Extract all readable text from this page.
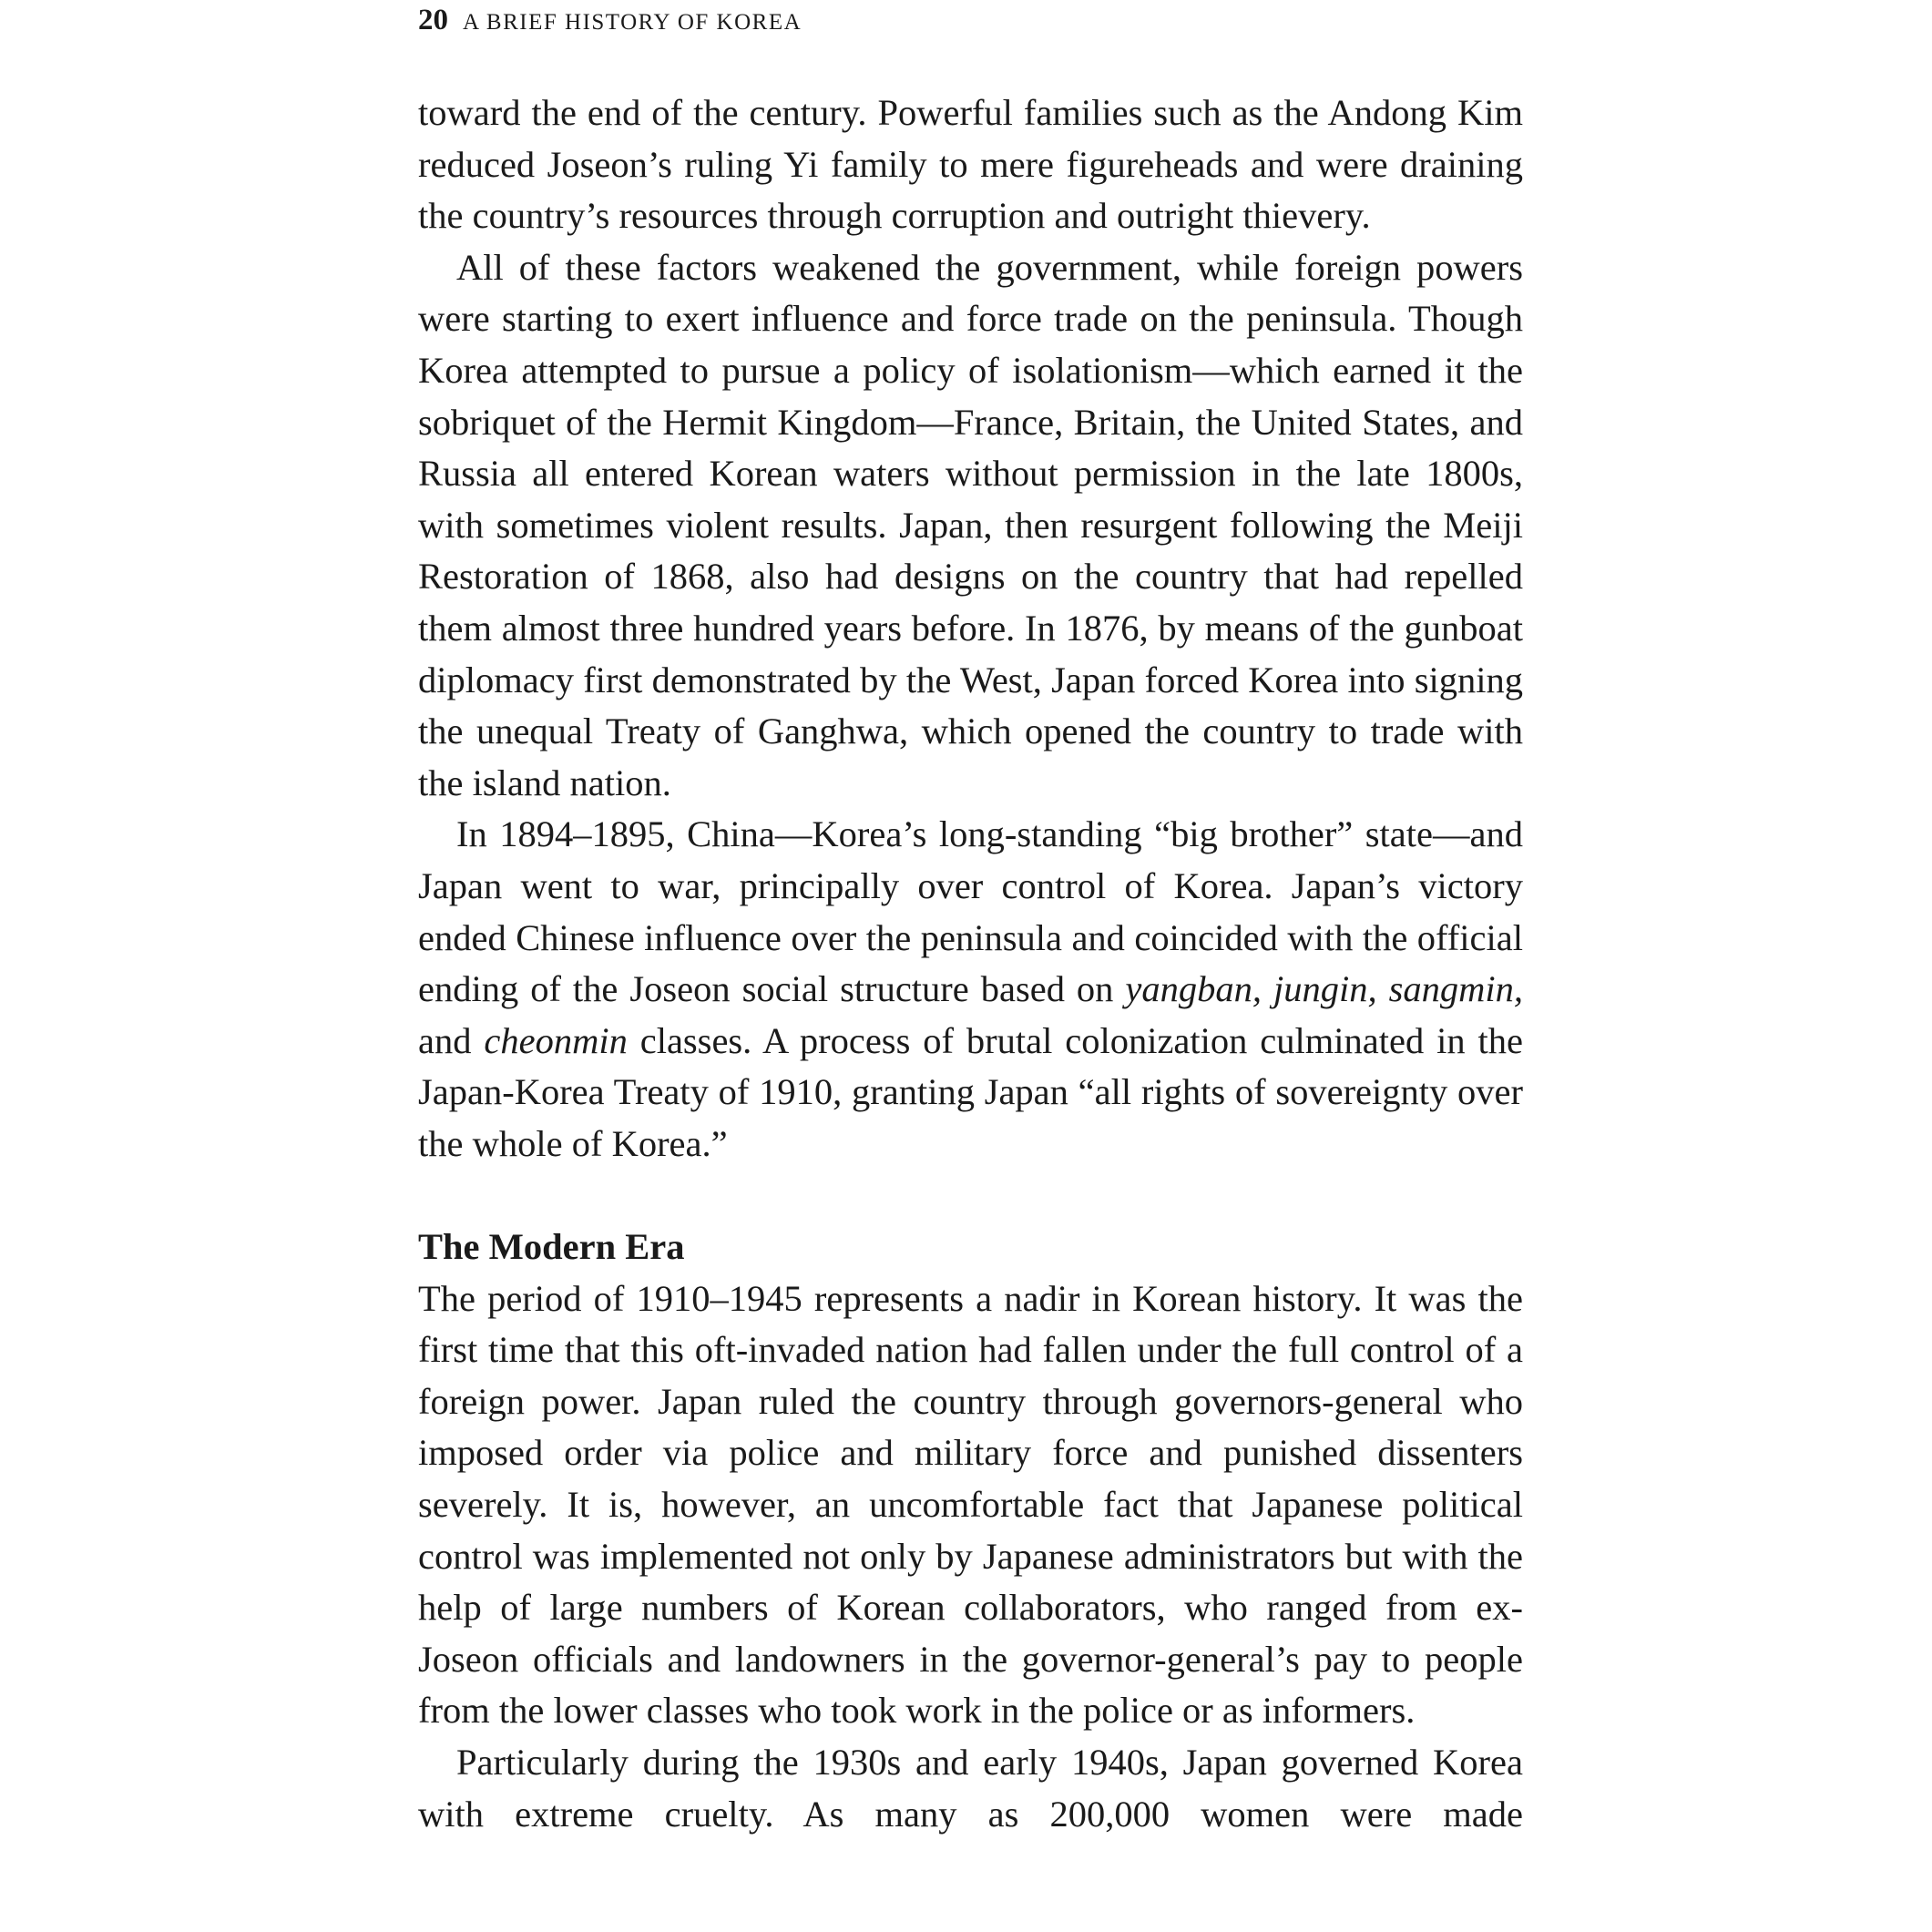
20 A BRIEF HISTORY OF KOREA

toward the end of the century. Powerful families such as the Andong Kim reduced Joseon’s ruling Yi family to mere figureheads and were draining the country’s resources through corruption and outright thievery.

All of these factors weakened the government, while foreign powers were starting to exert influence and force trade on the peninsula. Though Korea attempted to pursue a policy of isolationism—which earned it the sobriquet of the Hermit Kingdom—France, Britain, the United States, and Russia all entered Korean waters without permission in the late 1800s, with sometimes violent results. Japan, then resurgent following the Meiji Restoration of 1868, also had designs on the country that had repelled them almost three hundred years before. In 1876, by means of the gunboat diplomacy first demonstrated by the West, Japan forced Korea into signing the unequal Treaty of Ganghwa, which opened the country to trade with the island nation.

In 1894–1895, China—Korea’s long-standing “big brother” state—and Japan went to war, principally over control of Korea. Japan’s victory ended Chinese influence over the peninsula and coincided with the official ending of the Joseon social structure based on yangban, jungin, sangmin, and cheonmin classes. A process of brutal colonization culminated in the Japan-Korea Treaty of 1910, granting Japan “all rights of sovereignty over the whole of Korea.”

The Modern Era

The period of 1910–1945 represents a nadir in Korean history. It was the first time that this oft-invaded nation had fallen under the full control of a foreign power. Japan ruled the country through governors-general who imposed order via police and military force and punished dissenters severely. It is, however, an uncomfortable fact that Japanese political control was implemented not only by Japanese administrators but with the help of large numbers of Korean collaborators, who ranged from ex-Joseon officials and landowners in the governor-general’s pay to people from the lower classes who took work in the police or as informers.

Particularly during the 1930s and early 1940s, Japan governed Korea with extreme cruelty. As many as 200,000 women were made
